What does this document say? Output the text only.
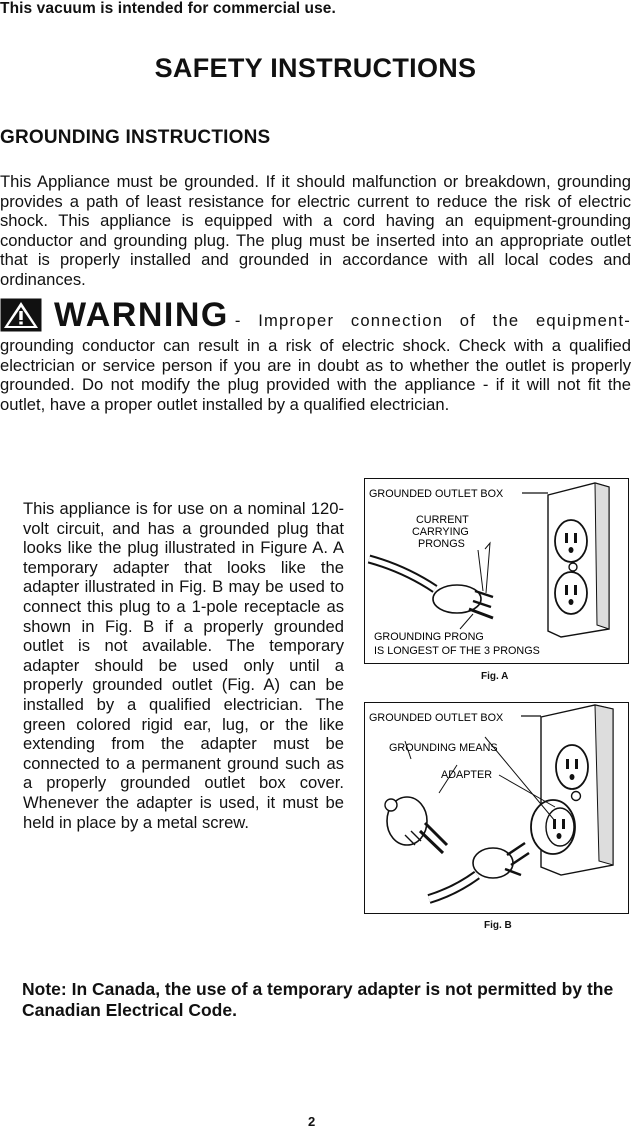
This vacuum is intended for commercial use.
SAFETY INSTRUCTIONS
GROUNDING INSTRUCTIONS
This Appliance must be grounded. If it should malfunction or breakdown, grounding provides a path of least resistance for electric current to reduce the risk of electric shock. This appliance is equipped with a cord having an equipment-grounding conductor and grounding plug. The plug must be inserted into an appropriate outlet that is properly installed and grounded in accordance with all local codes and ordinances.
WARNING - Improper connection of the equipment-
grounding conductor can result in a risk of electric shock. Check with a qualified electrician or service person if you are in doubt as to whether the outlet is properly grounded. Do not modify the plug provided with the appliance - if it will not fit the outlet, have a proper outlet installed by a qualified electrician.
This appliance is for use on a nominal 120-volt circuit, and has a grounded plug that looks like the plug illustrated in Figure A. A temporary adapter that looks like the adapter illustrated in Fig. B may be used to connect this plug to a 1-pole receptacle as shown in Fig. B if a properly grounded outlet is not available. The temporary adapter should be used only until a properly grounded outlet (Fig. A) can be installed by a qualified electrician. The green colored rigid ear, lug, or the like extending from the adapter must be connected to a permanent ground such as a properly grounded outlet box cover. Whenever the adapter is used, it must be held in place by a metal screw.
GROUNDED OUTLET BOX
CURRENT
CARRYING
PRONGS
GROUNDING PRONG
IS LONGEST OF THE 3 PRONGS
Fig. A
GROUNDED OUTLET BOX
GROUNDING MEANS
ADAPTER
Fig. B
Note: In Canada, the use of a temporary adapter is not permitted by the Canadian Electrical Code.
2
